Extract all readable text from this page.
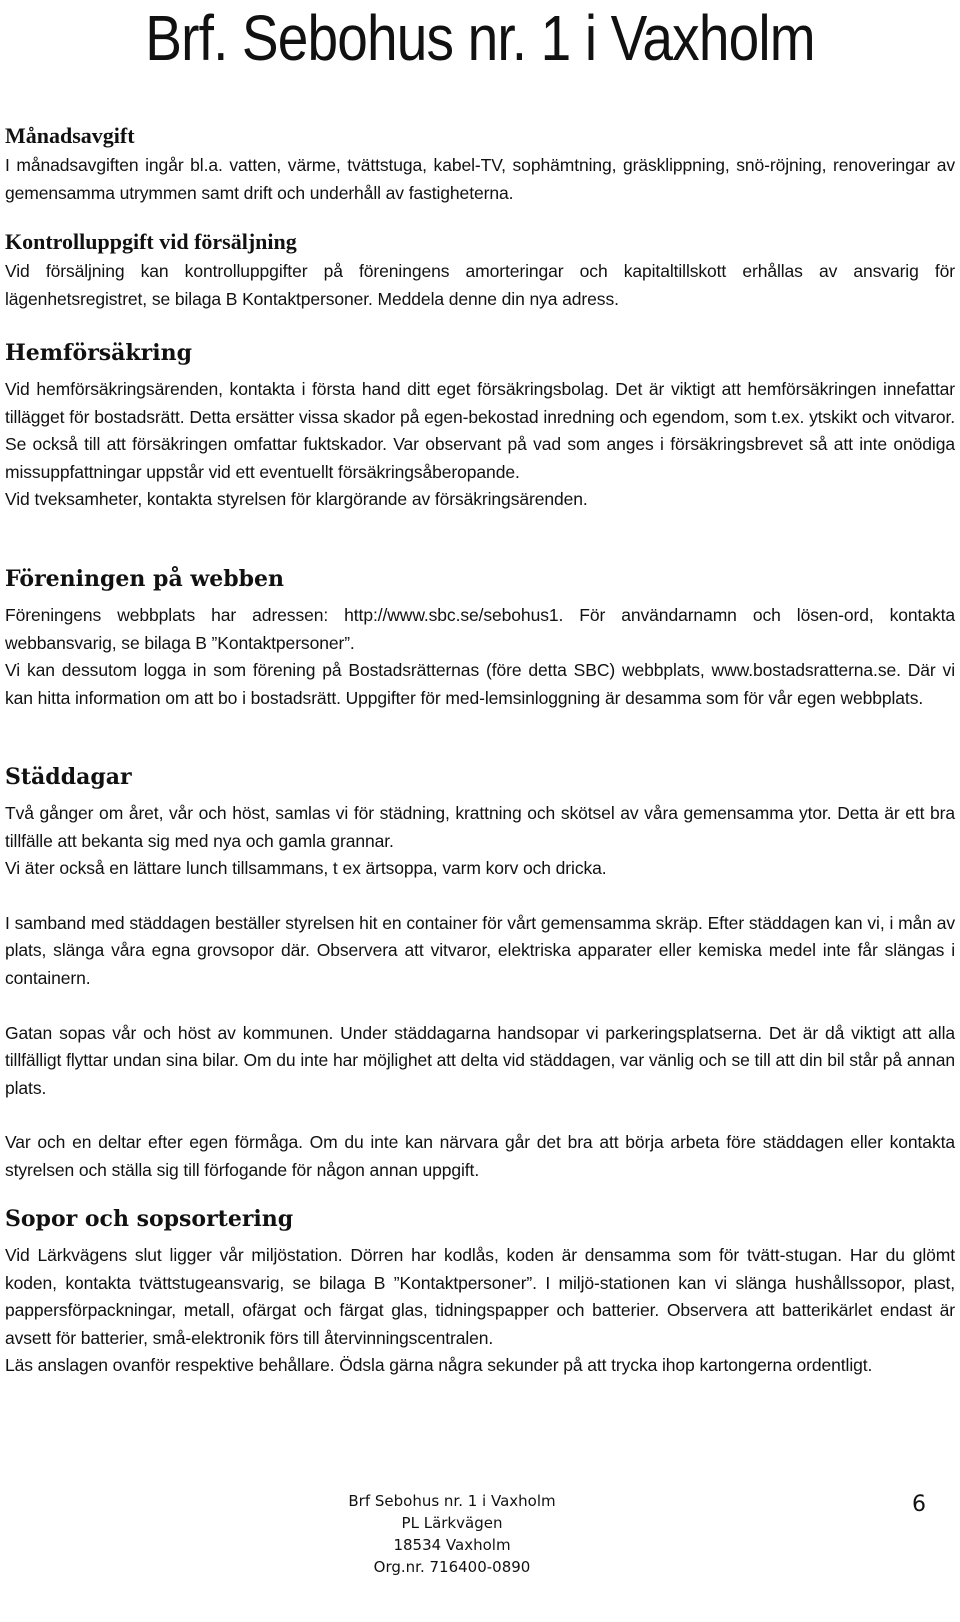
Brf. Sebohus nr. 1 i Vaxholm
Månadsavgift

I månadsavgiften ingår bl.a. vatten, värme, tvättstuga, kabel-TV, sophämtning, gräsklippning, snö-röjning, renoveringar av gemensamma utrymmen samt drift och underhåll av fastigheterna.

Kontrolluppgift vid försäljning

Vid försäljning kan kontrolluppgifter på föreningens amorteringar och kapitaltillskott erhållas av ansvarig för lägenhetsregistret, se bilaga B Kontaktpersoner. Meddela denne din nya adress.

Hemförsäkring

Vid hemförsäkringsärenden, kontakta i första hand ditt eget försäkringsbolag. Det är viktigt att hemförsäkringen innefattar tillägget för bostadsrätt. Detta ersätter vissa skador på egen-bekostad inredning och egendom, som t.ex. ytskikt och vitvaror. Se också till att försäkringen omfattar fuktskador. Var observant på vad som anges i försäkringsbrevet så att inte onödiga missuppfattningar uppstår vid ett eventuellt försäkringsåberopande.

Vid tveksamheter, kontakta styrelsen för klargörande av försäkringsärenden.

Föreningen på webben

Föreningens webbplats har adressen: http://www.sbc.se/sebohus1. För användarnamn och lösen-ord, kontakta webbansvarig, se bilaga B ”Kontaktpersoner”.

Vi kan dessutom logga in som förening på Bostadsrätternas (före detta SBC) webbplats, www.bostadsratterna.se. Där vi kan hitta information om att bo i bostadsrätt. Uppgifter för med-lemsinloggning är desamma som för vår egen webbplats.

Städdagar

Två gånger om året, vår och höst, samlas vi för städning, krattning och skötsel av våra gemensamma ytor. Detta är ett bra tillfälle att bekanta sig med nya och gamla grannar.

Vi äter också en lättare lunch tillsammans, t ex ärtsoppa, varm korv och dricka.

I samband med städdagen beställer styrelsen hit en container för vårt gemensamma skräp. Efter städdagen kan vi, i mån av plats, slänga våra egna grovsopor där. Observera att vitvaror, elektriska apparater eller kemiska medel inte får slängas i containern.

Gatan sopas vår och höst av kommunen. Under städdagarna handsopar vi parkeringsplatserna. Det är då viktigt att alla tillfälligt flyttar undan sina bilar. Om du inte har möjlighet att delta vid städdagen, var vänlig och se till att din bil står på annan plats.

Var och en deltar efter egen förmåga. Om du inte kan närvara går det bra att börja arbeta före städdagen eller kontakta styrelsen och ställa sig till förfogande för någon annan uppgift.

Sopor och sopsortering

Vid Lärkvägens slut ligger vår miljöstation. Dörren har kodlås, koden är densamma som för tvätt-stugan. Har du glömt koden, kontakta tvättstugeansvarig, se bilaga B ”Kontaktpersoner”. I miljö-stationen kan vi slänga hushållssopor, plast, pappersförpackningar, metall, ofärgat och färgat glas, tidningspapper och batterier. Observera att batterikärlet endast är avsett för batterier, små-elektronik förs till återvinningscentralen.

Läs anslagen ovanför respektive behållare. Ödsla gärna några sekunder på att trycka ihop kartongerna ordentligt.

Brf Sebohus nr. 1 i Vaxholm
PL Lärkvägen
18534 Vaxholm
Org.nr. 716400-0890
6
